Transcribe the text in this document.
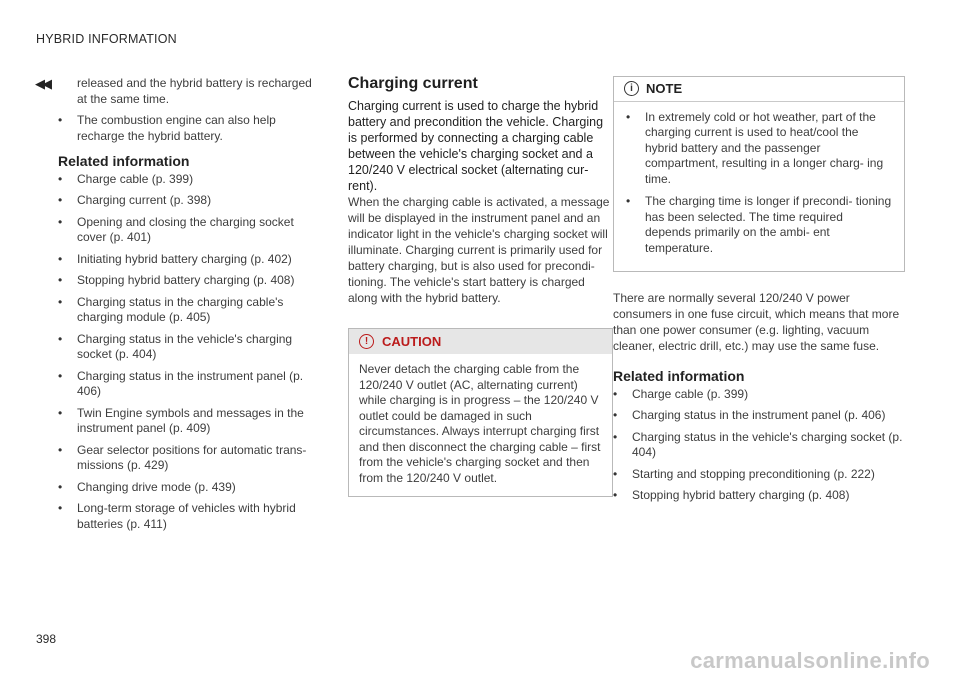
HYBRID INFORMATION
◀◀	released and the hybrid battery is recharged at the same time.

• The combustion engine can also help recharge the hybrid battery.
Related information
• Charge cable (p. 399)
• Charging current (p. 398)
• Opening and closing the charging socket cover (p. 401)
• Initiating hybrid battery charging (p. 402)
• Stopping hybrid battery charging (p. 408)
• Charging status in the charging cable's charging module (p. 405)
• Charging status in the vehicle's charging socket (p. 404)
• Charging status in the instrument panel (p. 406)
• Twin Engine symbols and messages in the instrument panel (p. 409)
• Gear selector positions for automatic trans- missions (p. 429)
• Changing drive mode (p. 439)
• Long-term storage of vehicles with hybrid batteries (p. 411)
Charging current

Charging current is used to charge the hybrid battery and precondition the vehicle. Charging is performed by connecting a charging cable between the vehicle's charging socket and a 120/240 V electrical socket (alternating cur- rent).

When the charging cable is activated, a message will be displayed in the instrument panel and an indicator light in the vehicle's charging socket will illuminate. Charging current is primarily used for battery charging, but is also used for precondi- tioning. The vehicle's start battery is charged along with the hybrid battery.

!	CAUTION
Never detach the charging cable from the 120/240 V outlet (AC, alternating current) while charging is in progress – the 120/240 V outlet could be damaged in such circumstances. Always interrupt charging first and then disconnect the charging cable – first from the vehicle's charging socket and then from the 120/240 V outlet.
i	NOTE
• In extremely cold or hot weather, part of the charging current is used to heat/cool the hybrid battery and the passenger compartment, resulting in a longer charg- ing time.
• The charging time is longer if precondi- tioning has been selected. The time required depends primarily on the ambi- ent temperature.

There are normally several 120/240 V power consumers in one fuse circuit, which means that more than one power consumer (e.g. lighting, vacuum cleaner, electric drill, etc.) may use the same fuse.

Related information
• Charge cable (p. 399)
• Charging status in the instrument panel (p. 406)
• Charging status in the vehicle's charging socket (p. 404)
• Starting and stopping preconditioning (p. 222)
• Stopping hybrid battery charging (p. 408)
398
carmanualsonline.info
